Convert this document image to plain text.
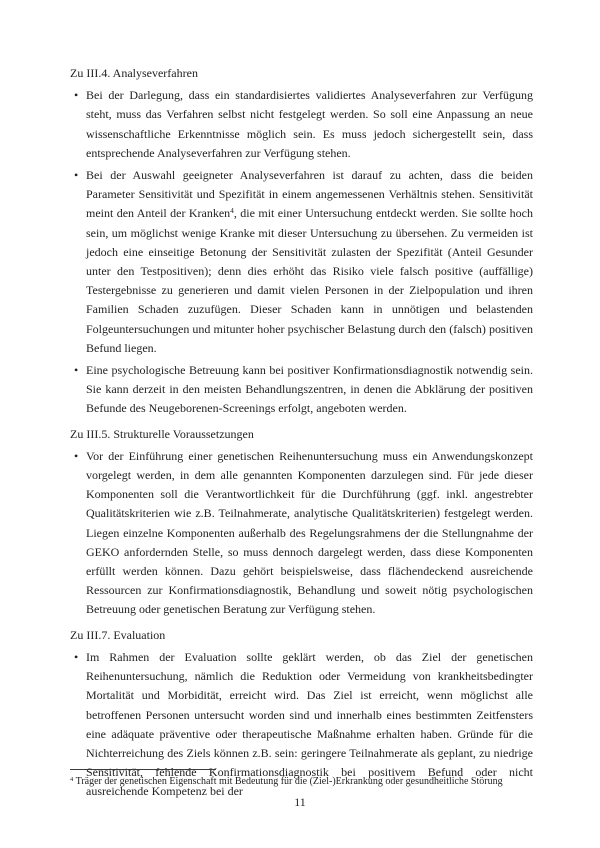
Zu III.4. Analyseverfahren

• Bei der Darlegung, dass ein standardisiertes validiertes Analyseverfahren zur Verfügung steht, muss das Verfahren selbst nicht festgelegt werden. So soll eine Anpassung an neue wissenschaftliche Erkenntnisse möglich sein. Es muss jedoch sichergestellt sein, dass entsprechende Analyseverfahren zur Verfügung stehen.
• Bei der Auswahl geeigneter Analyseverfahren ist darauf zu achten, dass die beiden Parameter Sensitivität und Spezifität in einem angemessenen Verhältnis stehen. Sensitivität meint den Anteil der Kranken$^4$, die mit einer Untersuchung entdeckt werden. Sie sollte hoch sein, um möglichst wenige Kranke mit dieser Untersuchung zu übersehen. Zu vermeiden ist jedoch eine einseitige Betonung der Sensitivität zulasten der Spezifität (Anteil Gesunder unter den Testpositiven); denn dies erhöht das Risiko viele falsch positive (auffällige) Testergebnisse zu generieren und damit vielen Personen in der Zielpopulation und ihren Familien Schaden zuzufügen. Dieser Schaden kann in unnötigen und belastenden Folgeuntersuchungen und mitunter hoher psychischer Belastung durch den (falsch) positiven Befund liegen.
• Eine psychologische Betreuung kann bei positiver Konfirmationsdiagnostik notwendig sein. Sie kann derzeit in den meisten Behandlungszentren, in denen die Abklärung der positiven Befunde des Neugeborenen-Screenings erfolgt, angeboten werden.

Zu III.5. Strukturelle Voraussetzungen

• Vor der Einführung einer genetischen Reihenuntersuchung muss ein Anwendungskonzept vorgelegt werden, in dem alle genannten Komponenten darzulegen sind. Für jede dieser Komponenten soll die Verantwortlichkeit für die Durchführung (ggf. inkl. angestrebter Qualitätskriterien wie z.B. Teilnahmerate, analytische Qualitätskriterien) festgelegt werden. Liegen einzelne Komponenten außerhalb des Regelungsrahmens der die Stellungnahme der GEKO anfordernden Stelle, so muss dennoch dargelegt werden, dass diese Komponenten erfüllt werden können. Dazu gehört beispielsweise, dass flächendeckend ausreichende Ressourcen zur Konfirmationsdiagnostik, Behandlung und soweit nötig psychologischen Betreuung oder genetischen Beratung zur Verfügung stehen.

Zu III.7. Evaluation

• Im Rahmen der Evaluation sollte geklärt werden, ob das Ziel der genetischen Reihenuntersuchung, nämlich die Reduktion oder Vermeidung von krankheitsbedingter Mortalität und Morbidität, erreicht wird. Das Ziel ist erreicht, wenn möglichst alle betroffenen Personen untersucht worden sind und innerhalb eines bestimmten Zeitfensters eine adäquate präventive oder therapeutische Maßnahme erhalten haben. Gründe für die Nichterreichung des Ziels können z.B. sein: geringere Teilnahmerate als geplant, zu niedrige Sensitivität, fehlende Konfirmationsdiagnostik bei positivem Befund oder nicht ausreichende Kompetenz bei der
$^4$ Träger der genetischen Eigenschaft mit Bedeutung für die (Ziel-)Erkrankung oder gesundheitliche Störung
11
